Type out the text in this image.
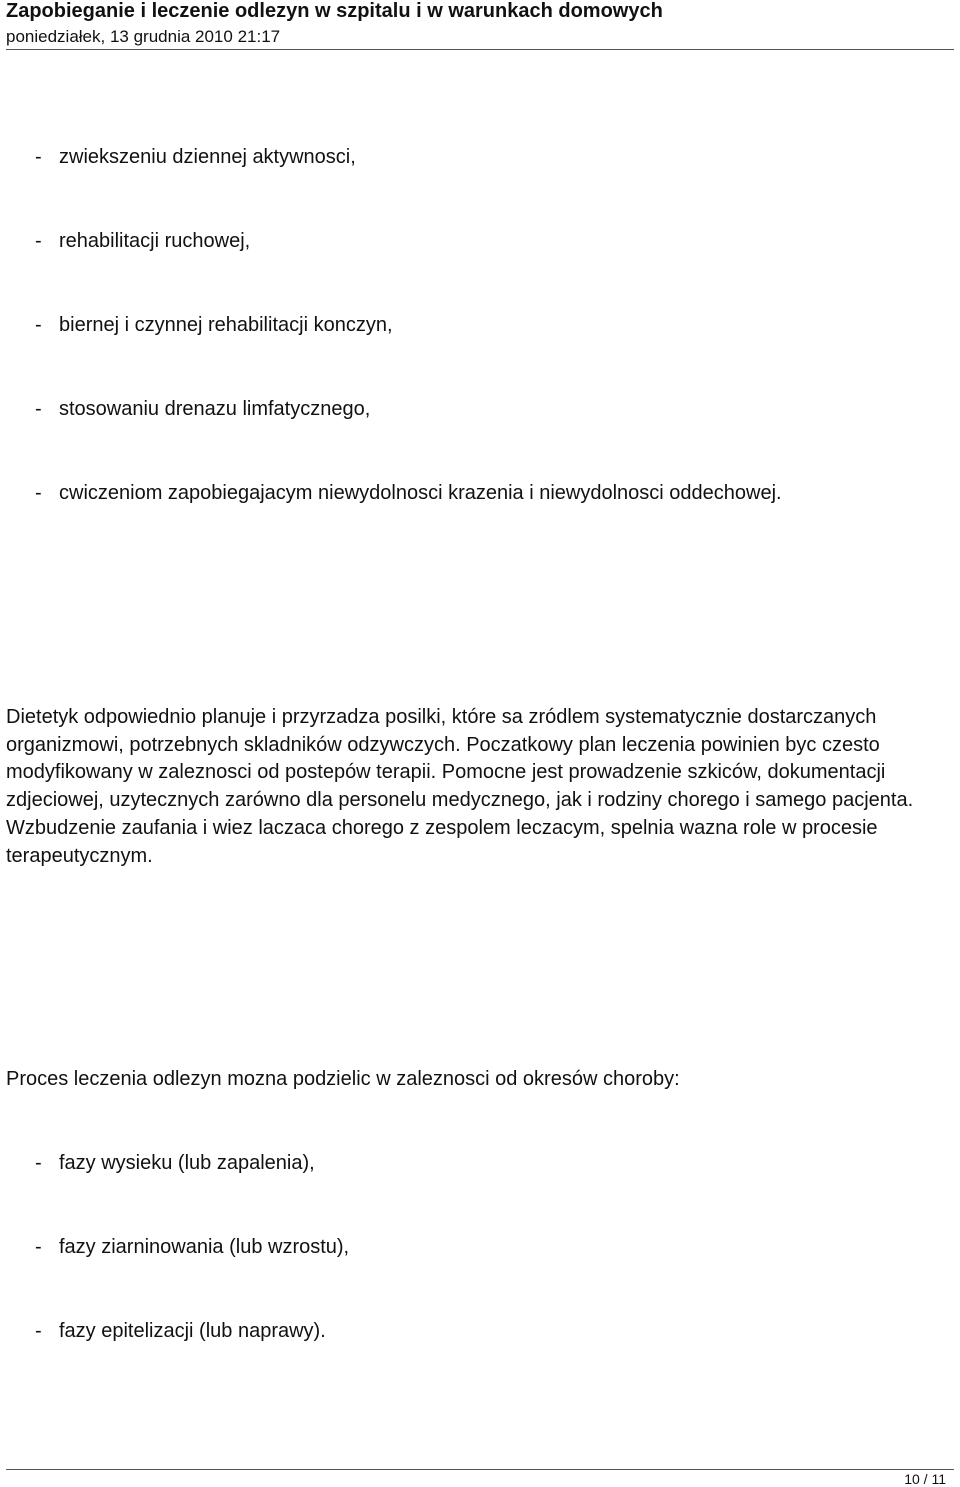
Zapobieganie i leczenie odlezyn w szpitalu i w warunkach domowych
poniedziałek, 13 grudnia 2010 21:17
- zwiekszeniu dziennej aktywnosci,
- rehabilitacji ruchowej,
- biernej i czynnej rehabilitacji konczyn,
- stosowaniu drenazu limfatycznego,
- cwiczeniom zapobiegajacym niewydolnosci krazenia i niewydolnosci oddechowej.

Dietetyk odpowiednio planuje i przyrzadza posilki, które sa zródlem systematycznie dostarczanych organizmowi, potrzebnych skladników odzywczych. Poczatkowy plan leczenia powinien byc czesto modyfikowany w zaleznosci od postepów terapii. Pomocne jest prowadzenie szkiców, dokumentacji zdjeciowej, uzytecznych zarówno dla personelu medycznego, jak i rodziny chorego i samego pacjenta. Wzbudzenie zaufania i wiez laczaca chorego z zespolem leczacym, spelnia wazna role w procesie terapeutycznym.

Proces leczenia odlezyn mozna podzielic w zaleznosci od okresów choroby:

- fazy wysieku (lub zapalenia),
- fazy ziarninowania (lub wzrostu),
- fazy epitelizacji (lub naprawy).
10 / 11
